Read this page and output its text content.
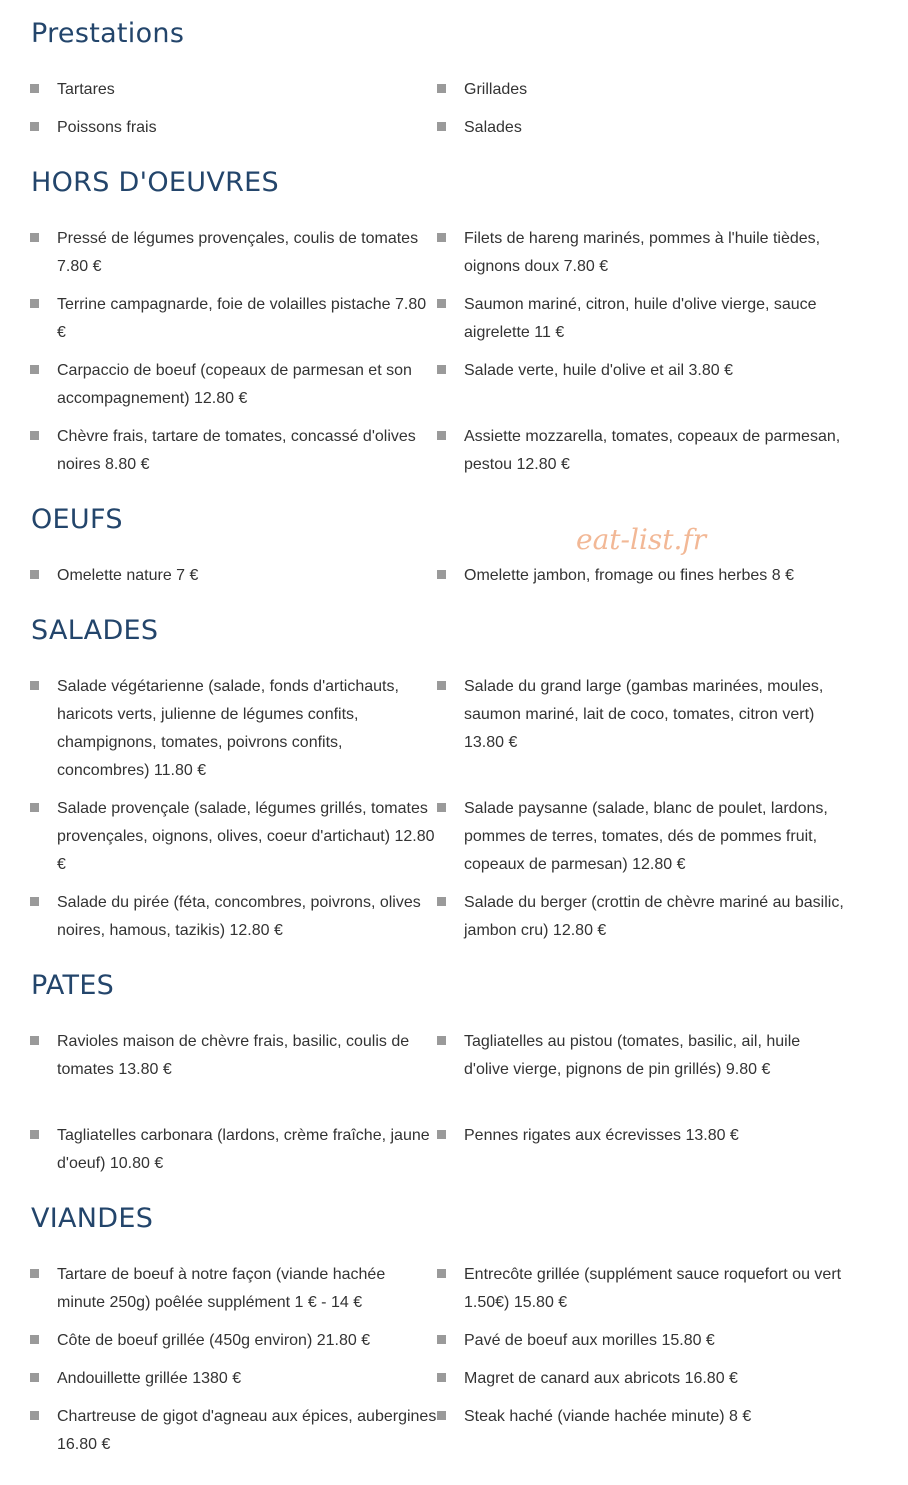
Prestations
Tartares
Poissons frais
Grillades
Salades
HORS D'OEUVRES
Pressé de légumes provençales, coulis de tomates 7.80 €
Terrine campagnarde, foie de volailles pistache 7.80 €
Carpaccio de boeuf (copeaux de parmesan et son accompagnement) 12.80 €
Chèvre frais, tartare de tomates, concassé d'olives noires 8.80 €
Filets de hareng marinés, pommes à l'huile tièdes, oignons doux 7.80 €
Saumon mariné, citron, huile d'olive vierge, sauce aigrelette 11 €
Salade verte, huile d'olive et ail 3.80 €
Assiette mozzarella, tomates, copeaux de parmesan, pestou 12.80 €
OEUFS
eat-list.fr
Omelette nature 7 €	Omelette jambon, fromage ou fines herbes 8 €
SALADES
Salade végétarienne (salade, fonds d'artichauts, haricots verts, julienne de légumes confits, champignons, tomates, poivrons confits, concombres) 11.80 €
Salade provençale (salade, légumes grillés, tomates provençales, oignons, olives, coeur d'artichaut) 12.80 €
Salade du pirée (féta, concombres, poivrons, olives noires, hamous, tazikis) 12.80 €
Salade du grand large (gambas marinées, moules, saumon mariné, lait de coco, tomates, citron vert) 13.80 €
Salade paysanne (salade, blanc de poulet, lardons, pommes de terres, tomates, dés de pommes fruit, copeaux de parmesan) 12.80 €
Salade du berger (crottin de chèvre mariné au basilic, jambon cru) 12.80 €
PATES
Ravioles maison de chèvre frais, basilic, coulis de tomates 13.80 €
Tagliatelles carbonara (lardons, crème fraîche, jaune d'oeuf) 10.80 €
Tagliatelles au pistou (tomates, basilic, ail, huile d'olive vierge, pignons de pin grillés) 9.80 €
Pennes rigates aux écrevisses 13.80 €
VIANDES
Tartare de boeuf à notre façon (viande hachée minute 250g) poêlée supplément 1 € - 14 €
Côte de boeuf grillée (450g environ) 21.80 €
Andouillette grillée 1380 €
Chartreuse de gigot d'agneau aux épices, aubergines 16.80 €
Entrecôte grillée (supplément sauce roquefort ou vert 1.50€) 15.80 €
Pavé de boeuf aux morilles 15.80 €
Magret de canard aux abricots 16.80 €
Steak haché (viande hachée minute) 8 €
